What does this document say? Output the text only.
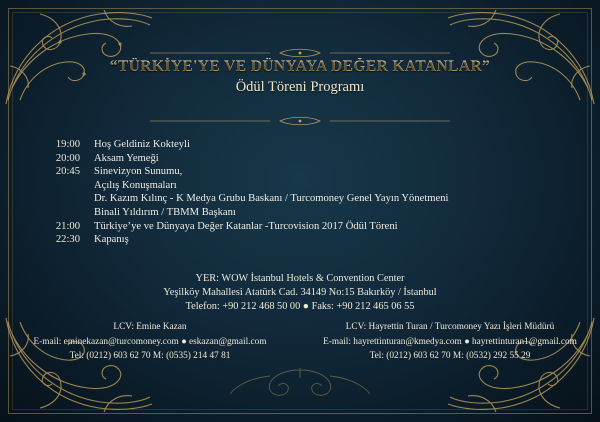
“TÜRKİYE'YE VE DÜNYAYA DEĞER KATANLAR”
Ödül Töreni Programı
19:00	Hoş Geldiniz Kokteyli
20:00	Aksam Yemeği
20:45	Sinevizyon Sunumu,
Açılış Konuşmaları
Dr. Kazım Kılınç - K Medya Grubu Baskanı / Turcomoney Genel Yayın Yönetmeni
Binali Yıldırım / TBMM Başkanı
21:00	Türkiye’ye ve Dünyaya Değer Katanlar -Turcovision 2017 Ödül Töreni
22:30	Kapanış
YER: WOW İstanbul Hotels & Convention Center
Yeşilköy Mahallesi Atatürk Cad. 34149 No:15 Bakırköy / İstanbul
Telefon: +90 212 468 50 00 ● Faks: +90 212 465 06 55
LCV: Emine Kazan
E-mail: eminekazan@turcomoney.com ● eskazan@gmail.com
Tel: (0212) 603 62 70 M: (0535) 214 47 81
LCV: Hayrettin Turan / Turcomoney Yazı İşleri Müdürü
E-mail: hayrettinturan@kmedya.com ● hayrettinturan1@gmail.com
Tel: (0212) 603 62 70 M: (0532) 292 55 29
